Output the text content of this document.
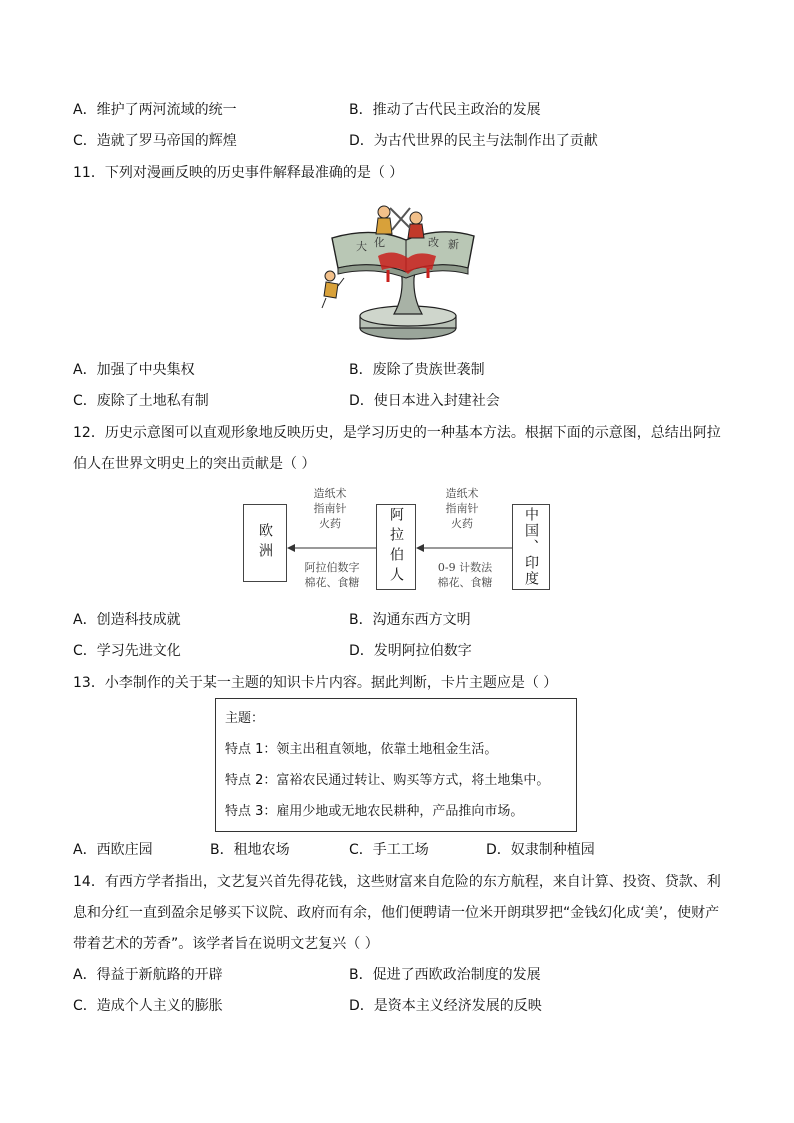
A．维护了两河流域的统一	B．推动了古代民主政治的发展
C．造就了罗马帝国的辉煌	D．为古代世界的民主与法制作出了贡献
11．下列对漫画反映的历史事件解释最准确的是（ ）
大 化	改 新
A．加强了中央集权	B．废除了贵族世袭制
C．废除了土地私有制	D．使日本进入封建社会
12．历史示意图可以直观形象地反映历史，是学习历史的一种基本方法。根据下面的示意图，总结出阿拉
伯人在世界文明史上的突出贡献是（ ）
欧洲	阿拉伯人	中国、印度
造纸术
指南针
火药
造纸术
指南针
火药
阿拉伯数字
棉花、食糖
0-9 计数法
棉花、食糖
A．创造科技成就	B．沟通东西方文明
C．学习先进文化	D．发明阿拉伯数字
13．小李制作的关于某一主题的知识卡片内容。据此判断，卡片主题应是（ ）
主题：
特点 1：领主出租直领地，依靠土地租金生活。
特点 2：富裕农民通过转让、购买等方式，将土地集中。
特点 3：雇用少地或无地农民耕种，产品推向市场。
A．西欧庄园	B．租地农场	C．手工工场	D．奴隶制种植园
14．有西方学者指出，文艺复兴首先得花钱，这些财富来自危险的东方航程，来自计算、投资、贷款、利
息和分红一直到盈余足够买下议院、政府而有余，他们便聘请一位米开朗琪罗把“金钱幻化成‘美’，使财产
带着艺术的芳香”。该学者旨在说明文艺复兴（ ）
A．得益于新航路的开辟	B．促进了西欧政治制度的发展
C．造成个人主义的膨胀	D．是资本主义经济发展的反映
